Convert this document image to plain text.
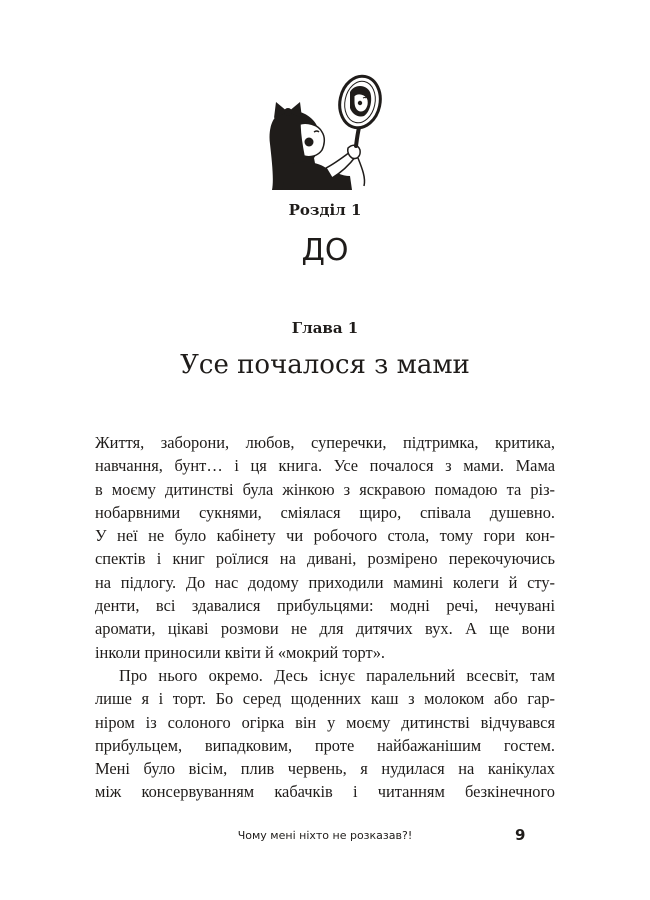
Розділ 1
ДО
Глава 1
Усе почалося з мами
Життя, заборони, любов, суперечки, підтримка, критика,
навчання, бунт… і ця книга. Усе почалося з мами. Мама
в моєму дитинстві була жінкою з яскравою помадою та різ-
нобарвними сукнями, сміялася щиро, співала душевно.
У неї не було кабінету чи робочого стола, тому гори кон-
спектів і книг роїлися на дивані, розмірено перекочуючись
на підлогу. До нас додому приходили мамині колеги й сту-
денти, всі здавалися прибульцями: модні речі, нечувані
аромати, цікаві розмови не для дитячих вух. А ще вони
інколи приносили квіти й «мокрий торт».
Про нього окремо. Десь існує паралельний всесвіт, там
лише я і торт. Бо серед щоденних каш з молоком або гар-
ніром із солоного огірка він у моєму дитинстві відчувався
прибульцем, випадковим, проте найбажанішим гостем.
Мені було вісім, плив червень, я нудилася на канікулах
між консервуванням кабачків і читанням безкінечного
Чому мені ніхто не розказав?!	9
